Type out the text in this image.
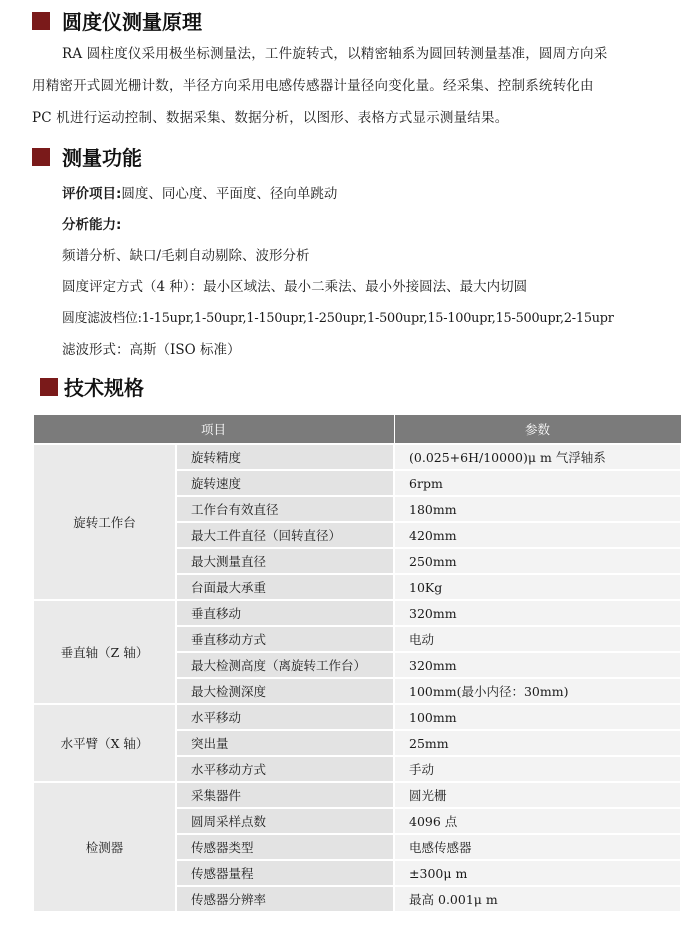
圆度仪测量原理
RA 圆柱度仪采用极坐标测量法，工件旋转式，以精密轴系为圆回转测量基准，圆周方向采
用精密开式圆光栅计数，半径方向采用电感传感器计量径向变化量。经采集、控制系统转化由
PC 机进行运动控制、数据采集、数据分析，以图形、表格方式显示测量结果。
测量功能
评价项目:圆度、同心度、平面度、径向单跳动
分析能力:
频谱分析、缺口/毛刺自动剔除、波形分析
圆度评定方式（4 种）：最小区域法、最小二乘法、最小外接圆法、最大内切圆
圆度滤波档位:1-15upr,1-50upr,1-150upr,1-250upr,1-500upr,15-100upr,15-500upr,2-15upr
滤波形式：高斯（ISO 标准）
技术规格
项目		参数
旋转工作台	旋转精度	(0.025+6H/10000)μ m 气浮轴系
	旋转速度	6rpm
	工作台有效直径	180mm
	最大工件直径（回转直径）	420mm
	最大测量直径	250mm
	台面最大承重	10Kg
垂直轴（Z 轴）	垂直移动	320mm
	垂直移动方式	电动
	最大检测高度（离旋转工作台）	320mm
	最大检测深度	100mm(最小内径：30mm)
水平臂（X 轴）	水平移动	100mm
	突出量	25mm
	水平移动方式	手动
检测器	采集器件	圆光栅
	圆周采样点数	4096 点
	传感器类型	电感传感器
	传感器量程	±300μ m
	传感器分辨率	最高 0.001μ m
